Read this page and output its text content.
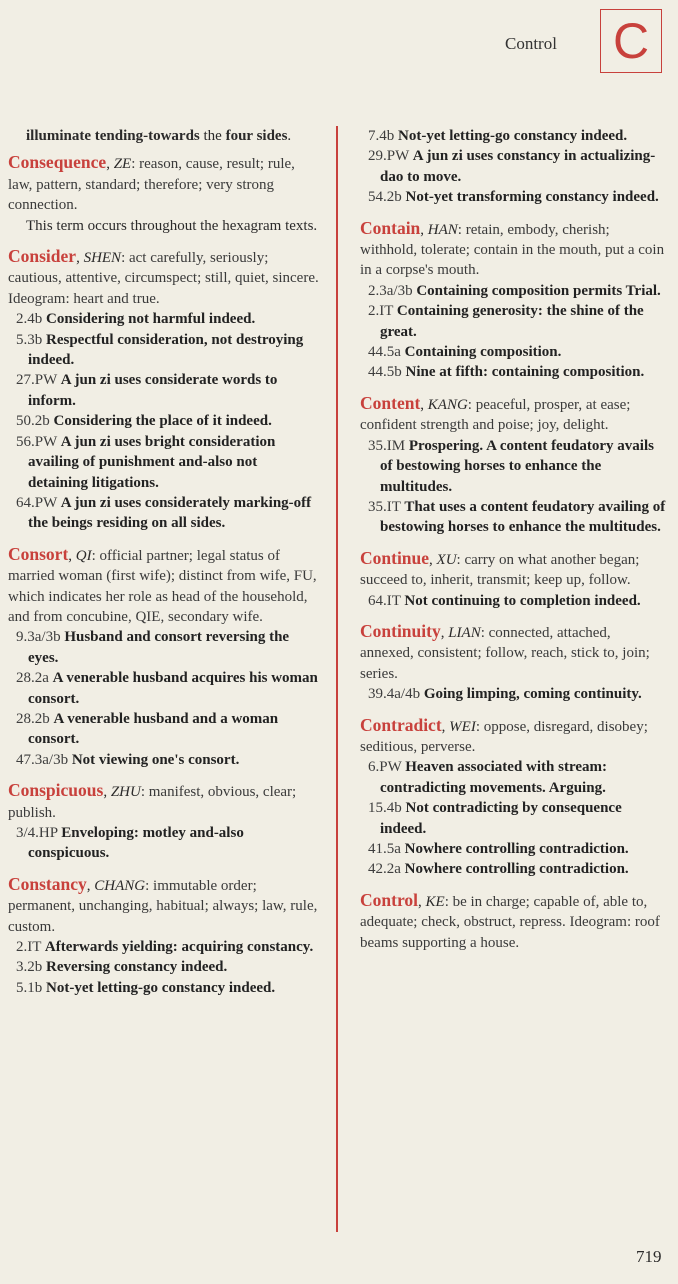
Control C
illuminate tending-towards the four sides.
Consequence, ZE: reason, cause, result; rule, law, pattern, standard; therefore; very strong connection.
This term occurs throughout the hexagram texts.
Consider, SHEN: act carefully, seriously; cautious, attentive, circumspect; still, quiet, sincere. Ideogram: heart and true.
2.4b Considering not harmful indeed.
5.3b Respectful consideration, not destroying indeed.
27.PW A jun zi uses considerate words to inform.
50.2b Considering the place of it indeed.
56.PW A jun zi uses bright consideration availing of punishment and-also not detaining litigations.
64.PW A jun zi uses considerately marking-off the beings residing on all sides.
Consort, QI: official partner; legal status of married woman (first wife); distinct from wife, FU, which indicates her role as head of the household, and from concubine, QIE, secondary wife.
9.3a/3b Husband and consort reversing the eyes.
28.2a A venerable husband acquires his woman consort.
28.2b A venerable husband and a woman consort.
47.3a/3b Not viewing one's consort.
Conspicuous, ZHU: manifest, obvious, clear; publish.
3/4.HP Enveloping: motley and-also conspicuous.
Constancy, CHANG: immutable order; permanent, unchanging, habitual; always; law, rule, custom.
2.IT Afterwards yielding: acquiring constancy.
3.2b Reversing constancy indeed.
5.1b Not-yet letting-go constancy indeed.
7.4b Not-yet letting-go constancy indeed.
29.PW A jun zi uses constancy in actualizing-dao to move.
54.2b Not-yet transforming constancy indeed.
Contain, HAN: retain, embody, cherish; withhold, tolerate; contain in the mouth, put a coin in a corpse's mouth.
2.3a/3b Containing composition permits Trial.
2.IT Containing generosity: the shine of the great.
44.5a Containing composition.
44.5b Nine at fifth: containing composition.
Content, KANG: peaceful, prosper, at ease; confident strength and poise; joy, delight.
35.IM Prospering. A content feudatory avails of bestowing horses to enhance the multitudes.
35.IT That uses a content feudatory availing of bestowing horses to enhance the multitudes.
Continue, XU: carry on what another began; succeed to, inherit, transmit; keep up, follow.
64.IT Not continuing to completion indeed.
Continuity, LIAN: connected, attached, annexed, consistent; follow, reach, stick to, join; series.
39.4a/4b Going limping, coming continuity.
Contradict, WEI: oppose, disregard, disobey; seditious, perverse.
6.PW Heaven associated with stream: contradicting movements. Arguing.
15.4b Not contradicting by consequence indeed.
41.5a Nowhere controlling contradiction.
42.2a Nowhere controlling contradiction.
Control, KE: be in charge; capable of, able to, adequate; check, obstruct, repress. Ideogram: roof beams supporting a house.
719
